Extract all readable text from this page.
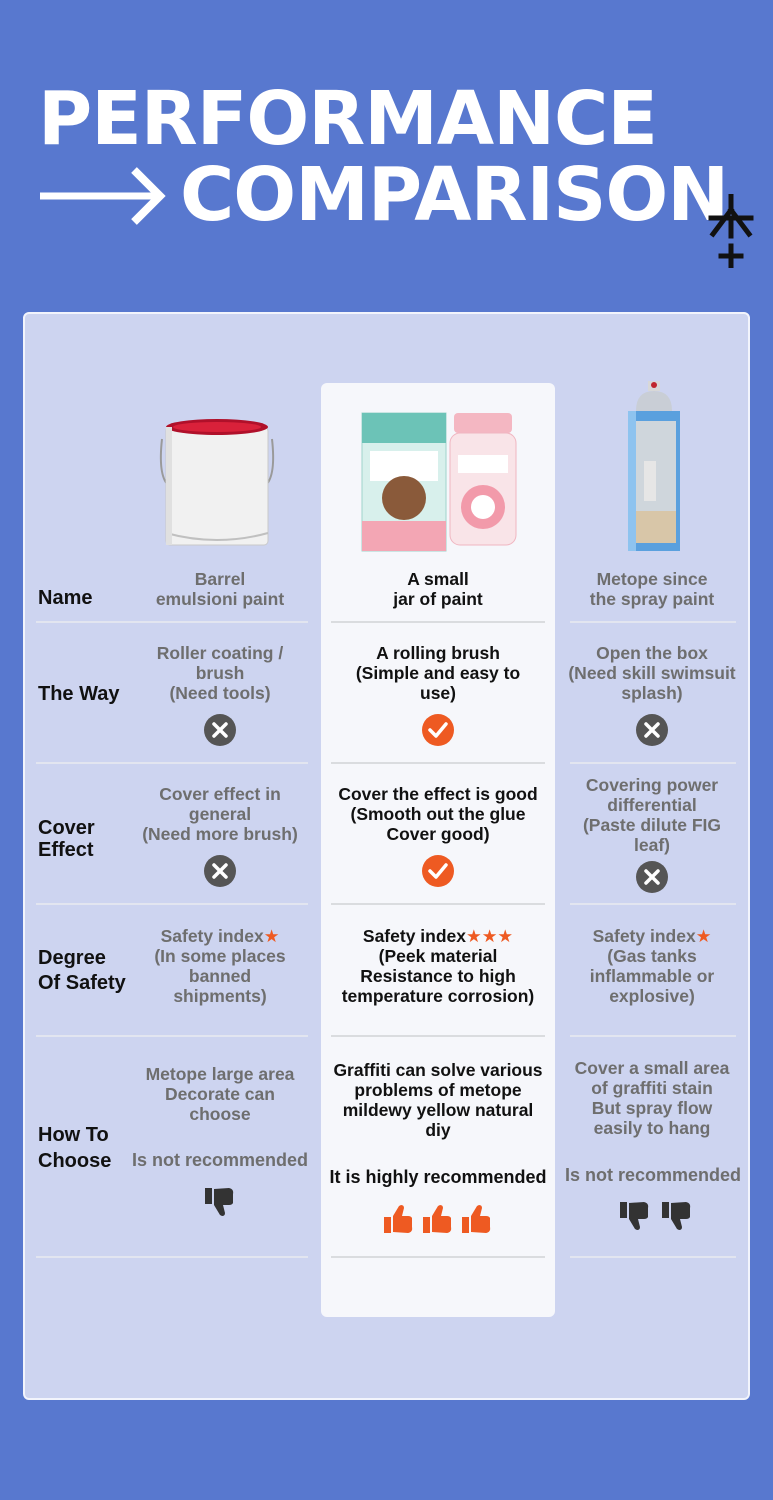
PERFORMANCE
COMPARISON
Name
The Way
Cover
Effect
Degree
Of Safety
How To
Choose
Barrel
emulsioni paint
Roller coating /
brush
(Need tools)
Cover effect in
general
(Need more brush)
Safety index★
(In some places
banned
shipments)
Metope large area
Decorate can
choose
Is not recommended
A small
jar of paint
A rolling brush
(Simple and easy to
use)
Cover the effect is good
(Smooth out the glue
Cover good)
Safety index★★★
(Peek material
Resistance to high
temperature corrosion)
Graffiti can solve various
problems of metope
mildewy yellow natural
diy
It is highly recommended
Metope since
the spray paint
Open the box
(Need skill swimsuit
splash)
Covering power
differential
(Paste dilute FIG
leaf)
Safety index★
(Gas tanks
inflammable or
explosive)
Cover a small area
of graffiti stain
But spray flow
easily to hang
Is not recommended
